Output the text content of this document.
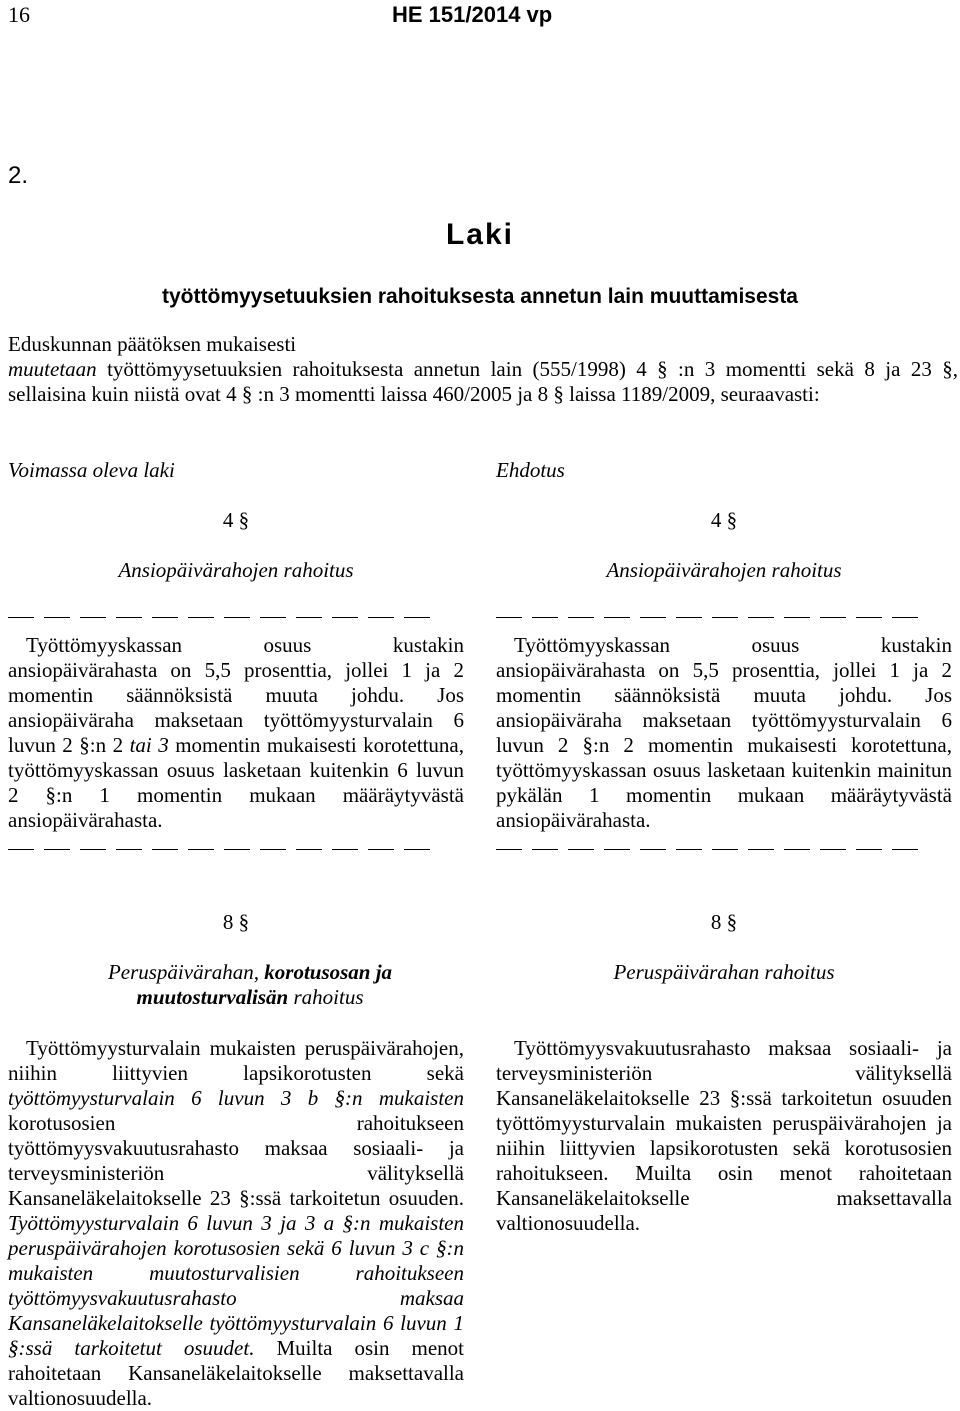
16	HE 151/2014 vp
2.
Laki
työttömyysetuuksien rahoituksesta annetun lain muuttamisesta

Eduskunnan päätöksen mukaisesti

muutetaan työttömyysetuuksien rahoituksesta annetun lain (555/1998) 4 § :n 3 momentti sekä 8 ja 23 §, sellaisina kuin niistä ovat 4 § :n 3 momentti laissa 460/2005 ja 8 § laissa 1189/2009, seuraavasti:

Voimassa oleva laki	Ehdotus
4 §
Ansiopäivärahojen rahoitus

Työttömyyskassan osuus kustakin ansiopäivärahasta on 5,5 prosenttia, jollei 1 ja 2 momentin säännöksistä muuta johdu. Jos ansiopäiväraha maksetaan työttömyysturvalain 6 luvun 2 §:n 2 tai 3 momentin mukaisesti korotettuna, työttömyyskassan osuus lasketaan kuitenkin 6 luvun 2 §:n 1 momentin mukaan määräytyvästä ansiopäivärahasta.

4 §
Ansiopäivärahojen rahoitus

Työttömyyskassan osuus kustakin ansiopäivärahasta on 5,5 prosenttia, jollei 1 ja 2 momentin säännöksistä muuta johdu. Jos ansiopäiväraha maksetaan työttömyysturvalain 6 luvun 2 §:n 2 momentin mukaisesti korotettuna, työttömyyskassan osuus lasketaan kuitenkin mainitun pykälän 1 momentin mukaan määräytyvästä ansiopäivärahasta.

8 §
Peruspäivärahan, korotusosan ja muutosturvalisän rahoitus

Työttömyysturvalain mukaisten peruspäivärahojen, niihin liittyvien lapsikorotusten sekä työttömyysturvalain 6 luvun 3 b §:n mukaisten korotusosien rahoitukseen työttömyysvakuutusrahasto maksaa sosiaali- ja terveysministeriön välityksellä Kansaneläkelaitokselle 23 §:ssä tarkoitetun osuuden. Työttömyysturvalain 6 luvun 3 ja 3 a §:n mukaisten peruspäivärahojen korotusosien sekä 6 luvun 3 c §:n mukaisten muutosturvalisien rahoitukseen työttömyysvakuutusrahasto maksaa Kansaneläkelaitokselle työttömyysturvalain 6 luvun 1 §:ssä tarkoitetut osuudet. Muilta osin menot rahoitetaan Kansaneläkelaitokselle maksettavalla valtionosuudella.

8 §
Peruspäivärahan rahoitus

Työttömyysvakuutusrahasto maksaa sosiaali- ja terveysministeriön välityksellä Kansaneläkelaitokselle 23 §:ssä tarkoitetun osuuden työttömyysturvalain mukaisten peruspäivärahojen ja niihin liittyvien lapsikorotusten sekä korotusosien rahoitukseen. Muilta osin menot rahoitetaan Kansaneläkelaitokselle maksettavalla valtionosuudella.
